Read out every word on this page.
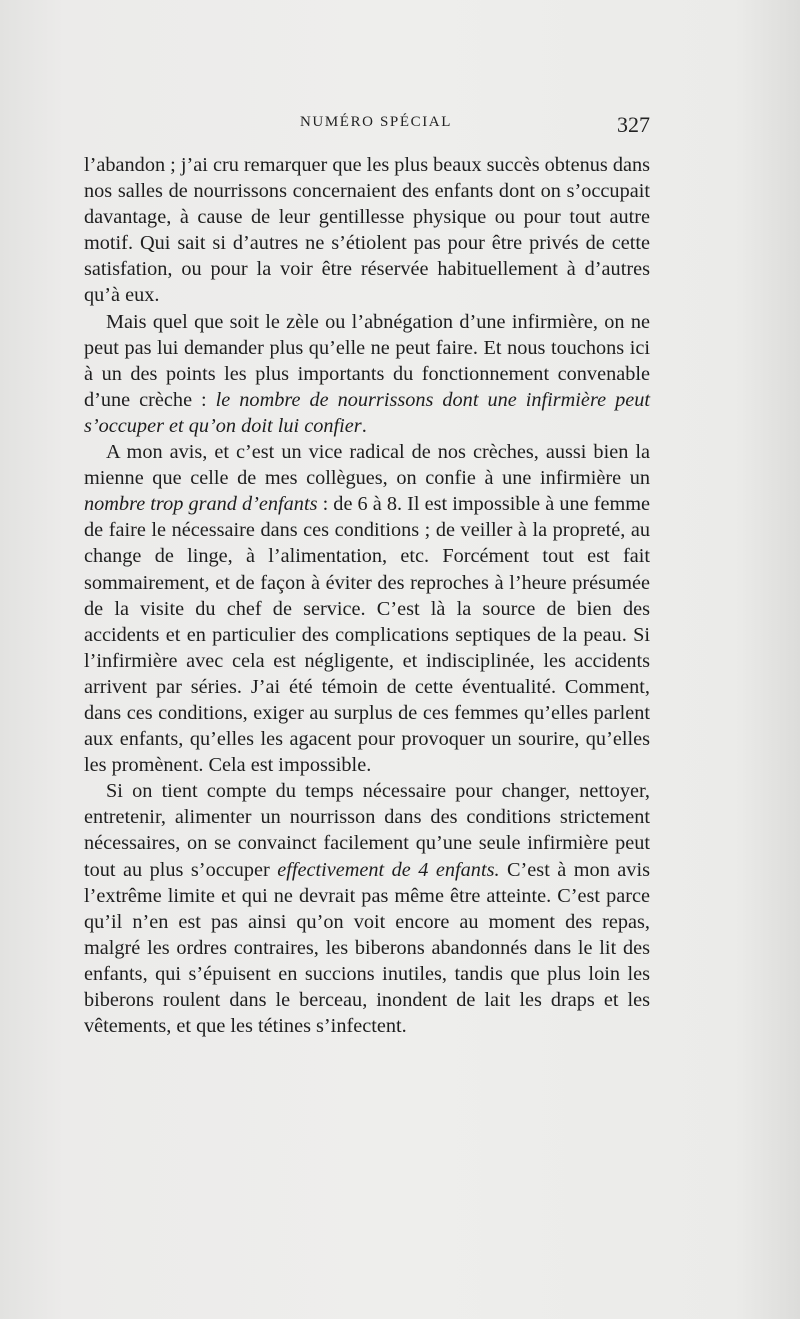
NUMÉRO SPÉCIAL	327

l’abandon ; j’ai cru remarquer que les plus beaux succès obtenus dans nos salles de nourrissons concernaient des enfants dont on s’occupait davantage, à cause de leur gentillesse physique ou pour tout autre motif. Qui sait si d’autres ne s’étiolent pas pour être privés de cette satisfation, ou pour la voir être réservée habituellement à d’autres qu’à eux.

Mais quel que soit le zèle ou l’abnégation d’une infirmière, on ne peut pas lui demander plus qu’elle ne peut faire. Et nous touchons ici à un des points les plus importants du fonctionnement convenable d’une crèche : le nombre de nourrissons dont une infirmière peut s’occuper et qu’on doit lui confier.

A mon avis, et c’est un vice radical de nos crèches, aussi bien la mienne que celle de mes collègues, on confie à une infirmière un nombre trop grand d’enfants : de 6 à 8. Il est impossible à une femme de faire le nécessaire dans ces conditions ; de veiller à la propreté, au change de linge, à l’alimentation, etc. Forcément tout est fait sommairement, et de façon à éviter des reproches à l’heure présumée de la visite du chef de service. C’est là la source de bien des accidents et en particulier des complications septiques de la peau. Si l’infirmière avec cela est négligente, et indisciplinée, les accidents arrivent par séries. J’ai été témoin de cette éventualité. Comment, dans ces conditions, exiger au surplus de ces femmes qu’elles parlent aux enfants, qu’elles les agacent pour provoquer un sourire, qu’elles les promènent. Cela est impossible.

Si on tient compte du temps nécessaire pour changer, nettoyer, entretenir, alimenter un nourrisson dans des conditions strictement nécessaires, on se convainct facilement qu’une seule infirmière peut tout au plus s’occuper effectivement de 4 enfants. C’est à mon avis l’extrême limite et qui ne devrait pas même être atteinte. C’est parce qu’il n’en est pas ainsi qu’on voit encore au moment des repas, malgré les ordres contraires, les biberons abandonnés dans le lit des enfants, qui s’épuisent en succions inutiles, tandis que plus loin les biberons roulent dans le berceau, inondent de lait les draps et les vêtements, et que les tétines s’infectent.
